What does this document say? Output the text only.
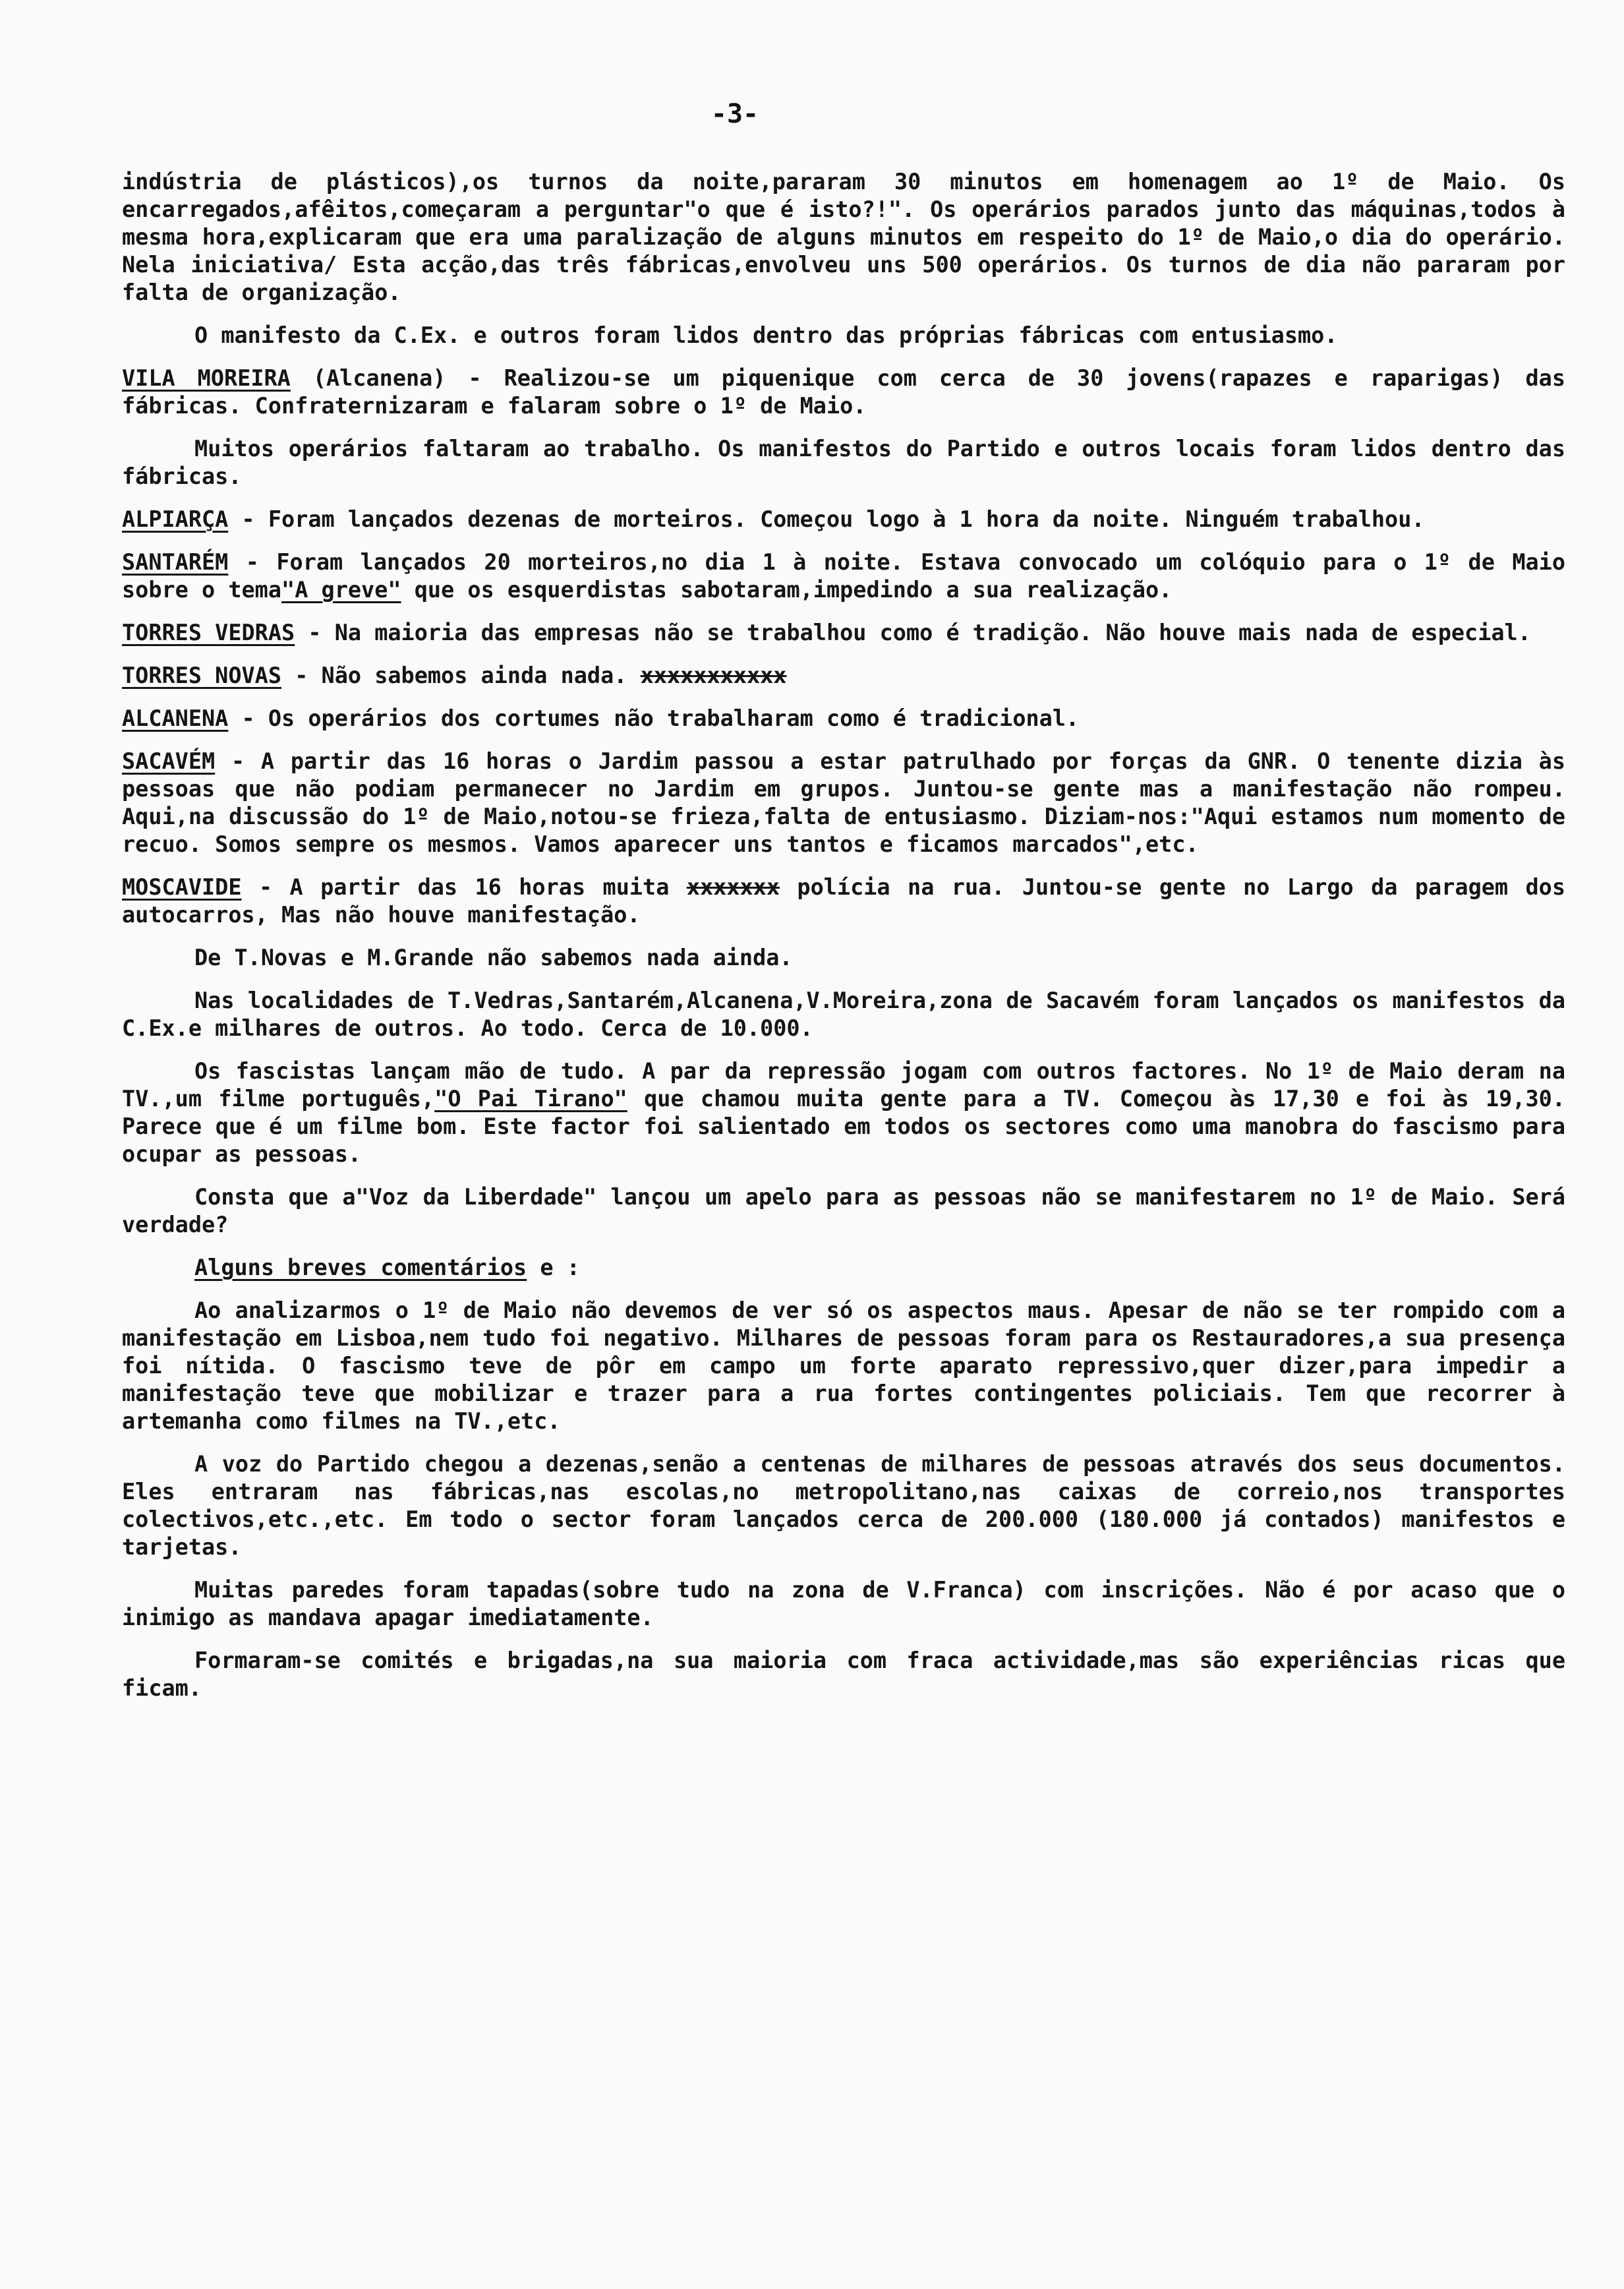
-3-

indústria de plásticos),os turnos da noite,pararam 30 minutos em homenagem ao 1º de Maio. Os encarregados,afêitos,começaram a perguntar"o que é isto?!". Os operários parados junto das máquinas,todos à mesma hora,explicaram que era uma paralização de alguns minutos em respeito do 1º de Maio,o dia do operário. Nela iniciativa/ Esta acção,das três fábricas,envolveu uns 500 operários. Os turnos de dia não pararam por falta de organização.

O manifesto da C.Ex. e outros foram lidos dentro das próprias fábricas com entusiasmo.

VILA MOREIRA (Alcanena) - Realizou-se um piquenique com cerca de 30 jovens(rapazes e raparigas) das fábricas. Confraternizaram e falaram sobre o 1º de Maio.

Muitos operários faltaram ao trabalho. Os manifestos do Partido e outros locais foram lidos dentro das fábricas.

ALPIARÇA - Foram lançados dezenas de morteiros. Começou logo à 1 hora da noite. Ninguém trabalhou.

SANTARÉM - Foram lançados 20 morteiros,no dia 1 à noite. Estava convocado um colóquio para o 1º de Maio sobre o tema"A greve" que os esquerdistas sabotaram,impedindo a sua realização.

TORRES VEDRAS - Na maioria das empresas não se trabalhou como é tradição. Não houve mais nada de especial.

TORRES NOVAS - Não sabemos ainda nada. xxxxxxxxxxx

ALCANENA - Os operários dos cortumes não trabalharam como é tradicional.

SACAVÉM - A partir das 16 horas o Jardim passou a estar patrulhado por forças da GNR. O tenente dizia às pessoas que não podiam permanecer no Jardim em grupos. Juntou-se gente mas a manifestação não rompeu. Aqui,na discussão do 1º de Maio,notou-se frieza,falta de entusiasmo. Diziam-nos:"Aqui estamos num momento de recuo. Somos sempre os mesmos. Vamos aparecer uns tantos e ficamos marcados",etc.

MOSCAVIDE - A partir das 16 horas muita xxxxxxx polícia na rua. Juntou-se gente no Largo da paragem dos autocarros, Mas não houve manifestação.

De T.Novas e M.Grande não sabemos nada ainda.

Nas localidades de T.Vedras,Santarém,Alcanena,V.Moreira,zona de Sacavém foram lançados os manifestos da C.Ex.e milhares de outros. Ao todo. Cerca de 10.000.

Os fascistas lançam mão de tudo. A par da repressão jogam com outros factores. No 1º de Maio deram na TV.,um filme português,"O Pai Tirano" que chamou muita gente para a TV. Começou às 17,30 e foi às 19,30. Parece que é um filme bom. Este factor foi salientado em todos os sectores como uma manobra do fascismo para ocupar as pessoas.

Consta que a"Voz da Liberdade" lançou um apelo para as pessoas não se manifestarem no 1º de Maio. Será verdade?

Alguns breves comentários e :

Ao analizarmos o 1º de Maio não devemos de ver só os aspectos maus. Apesar de não se ter rompido com a manifestação em Lisboa,nem tudo foi negativo. Milhares de pessoas foram para os Restauradores,a sua presença foi nítida. O fascismo teve de pôr em campo um forte aparato repressivo,quer dizer,para impedir a manifestação teve que mobilizar e trazer para a rua fortes contingentes policiais. Tem que recorrer à artemanha como filmes na TV.,etc.

A voz do Partido chegou a dezenas,senão a centenas de milhares de pessoas através dos seus documentos. Eles entraram nas fábricas,nas escolas,no metropolitano,nas caixas de correio,nos transportes colectivos,etc.,etc. Em todo o sector foram lançados cerca de 200.000 (180.000 já contados) manifestos e tarjetas.

Muitas paredes foram tapadas(sobre tudo na zona de V.Franca) com inscrições. Não é por acaso que o inimigo as mandava apagar imediatamente.

Formaram-se comités e brigadas,na sua maioria com fraca actividade,mas são experiências ricas que ficam.
